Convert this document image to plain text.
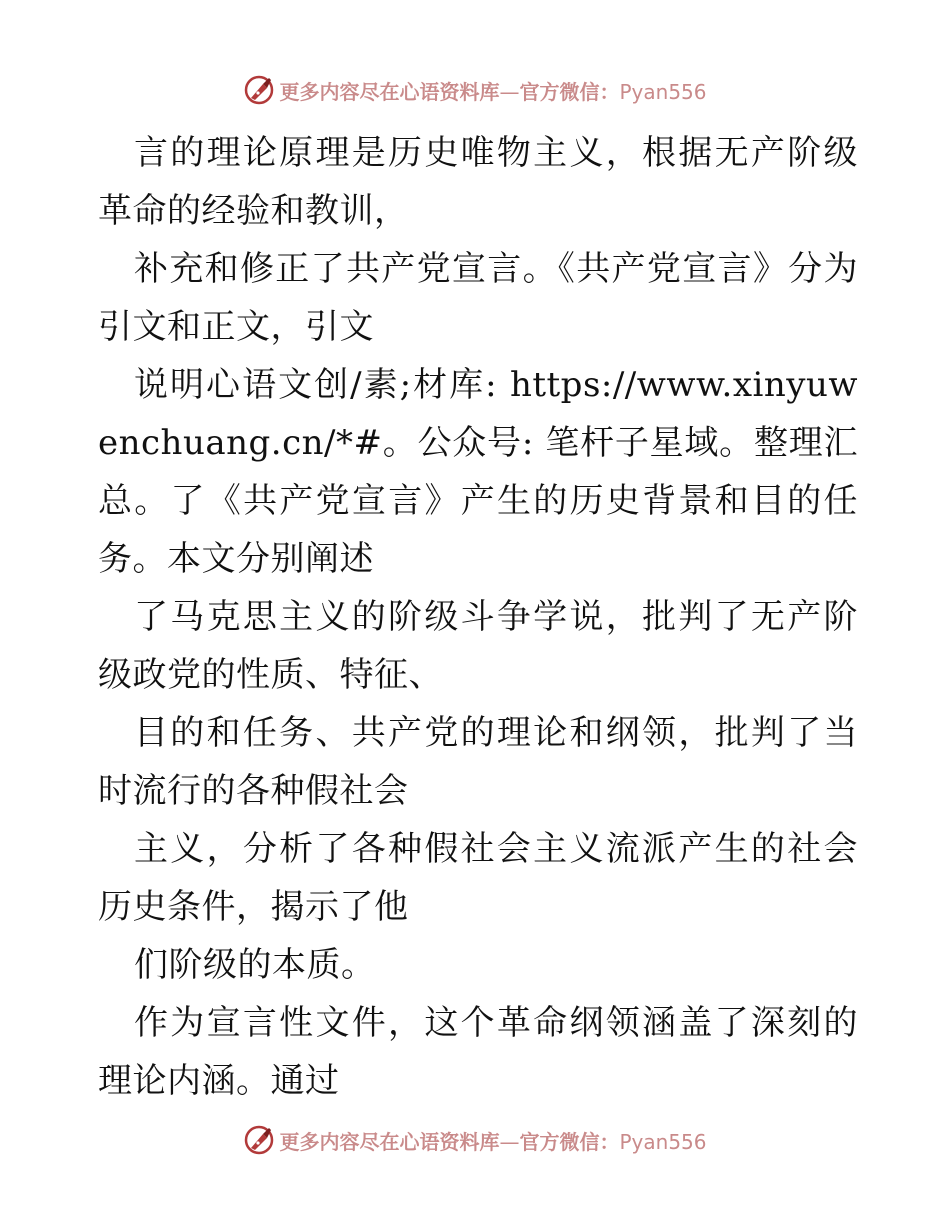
更多内容尽在心语资料库—官方微信：Pyan556

言的理论原理是历史唯物主义，根据无产阶级革命的经验和教训，

补充和修正了共产党宣言。《共产党宣言》分为引文和正文，引文

说明心语文创/素;材库: https://www.xinyuwenchuang.cn/*#。公众号: 笔杆子星域。整理汇总。了《共产党宣言》产生的历史背景和目的任务。本文分别阐述

了马克思主义的阶级斗争学说，批判了无产阶级政党的性质、特征、

目的和任务、共产党的理论和纲领，批判了当时流行的各种假社会

主义，分析了各种假社会主义流派产生的社会历史条件，揭示了他

们阶级的本质。

作为宣言性文件，这个革命纲领涵盖了深刻的理论内涵。通过

更多内容尽在心语资料库—官方微信：Pyan556
